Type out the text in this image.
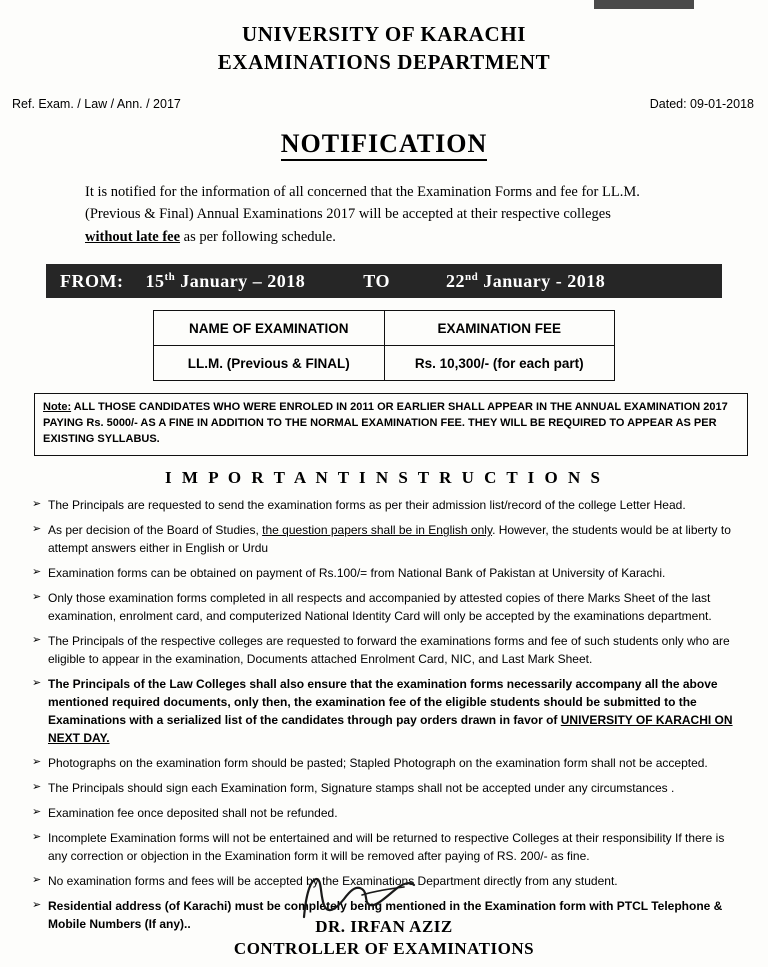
UNIVERSITY OF KARACHI
EXAMINATIONS DEPARTMENT
Ref. Exam. / Law / Ann. / 2017	Dated: 09-01-2018
NOTIFICATION
It is notified for the information of all concerned that the Examination Forms and fee for LL.M.
(Previous & Final) Annual Examinations 2017 will be accepted at their respective colleges
without late fee as per following schedule.
FROM: 15th January – 2018	TO	22nd January - 2018
NAME OF EXAMINATION	EXAMINATION FEE
LL.M. (Previous & FINAL)	Rs. 10,300/- (for each part)
Note: ALL THOSE CANDIDATES WHO WERE ENROLED IN 2011 OR EARLIER SHALL APPEAR IN THE ANNUAL EXAMINATION 2017 PAYING Rs. 5000/- AS A FINE IN ADDITION TO THE NORMAL EXAMINATION FEE. THEY WILL BE REQUIRED TO APPEAR AS PER EXISTING SYLLABUS.
I M P O R T A N T I N S T R U C T I O N S
➢ The Principals are requested to send the examination forms as per their admission list/record of the college Letter Head.
➢ As per decision of the Board of Studies, the question papers shall be in English only. However, the students would be at liberty to attempt answers either in English or Urdu
➢ Examination forms can be obtained on payment of Rs.100/= from National Bank of Pakistan at University of Karachi.
➢ Only those examination forms completed in all respects and accompanied by attested copies of there Marks Sheet of the last examination, enrolment card, and computerized National Identity Card will only be accepted by the examinations department.
➢ The Principals of the respective colleges are requested to forward the examinations forms and fee of such students only who are eligible to appear in the examination, Documents attached Enrolment Card, NIC, and Last Mark Sheet.
➢ The Principals of the Law Colleges shall also ensure that the examination forms necessarily accompany all the above mentioned required documents, only then, the examination fee of the eligible students should be submitted to the Examinations with a serialized list of the candidates through pay orders drawn in favor of UNIVERSITY OF KARACHI ON NEXT DAY.
➢ Photographs on the examination form should be pasted; Stapled Photograph on the examination form shall not be accepted.
➢ The Principals should sign each Examination form, Signature stamps shall not be accepted under any circumstances .
➢ Examination fee once deposited shall not be refunded.
➢ Incomplete Examination forms will not be entertained and will be returned to respective Colleges at their responsibility If there is any correction or objection in the Examination form it will be removed after paying of RS. 200/- as fine.
➢ No examination forms and fees will be accepted by the Examinations Department directly from any student.
➢ Residential address (of Karachi) must be completely being mentioned in the Examination form with PTCL Telephone & Mobile Numbers (If any)..	DR. IRFAN AZIZ
CONTROLLER OF EXAMINATIONS
